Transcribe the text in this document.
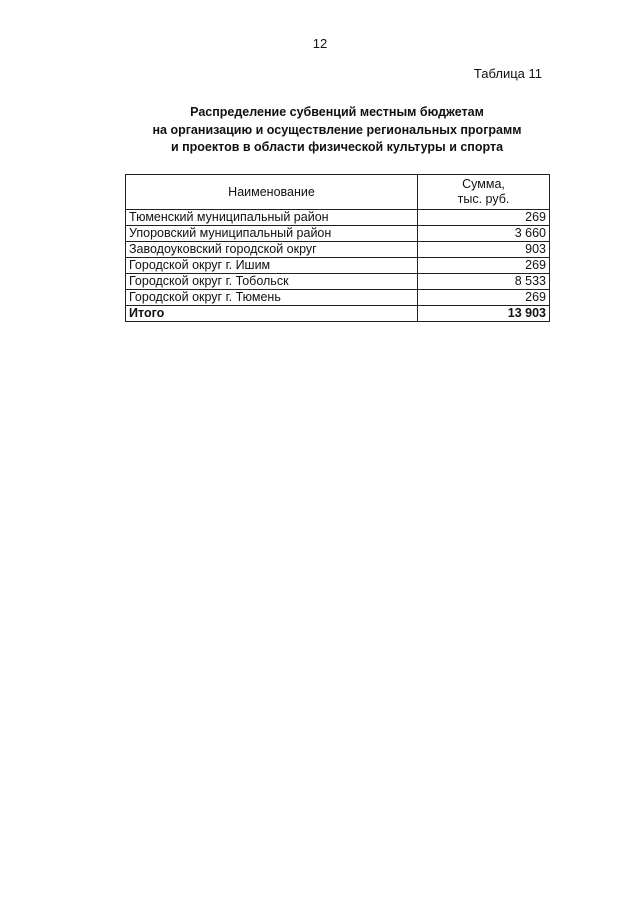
12
Таблица 11
Распределение субвенций местным бюджетам
на организацию и осуществление региональных программ
и проектов в области физической культуры и спорта
Наименование	Сумма,
тыс. руб.

Тюменский муниципальный район	269
Упоровский муниципальный район	3 660
Заводоуковский городской округ	903
Городской округ г. Ишим	269
Городской округ г. Тобольск	8 533
Городской округ г. Тюмень	269
Итого	13 903
